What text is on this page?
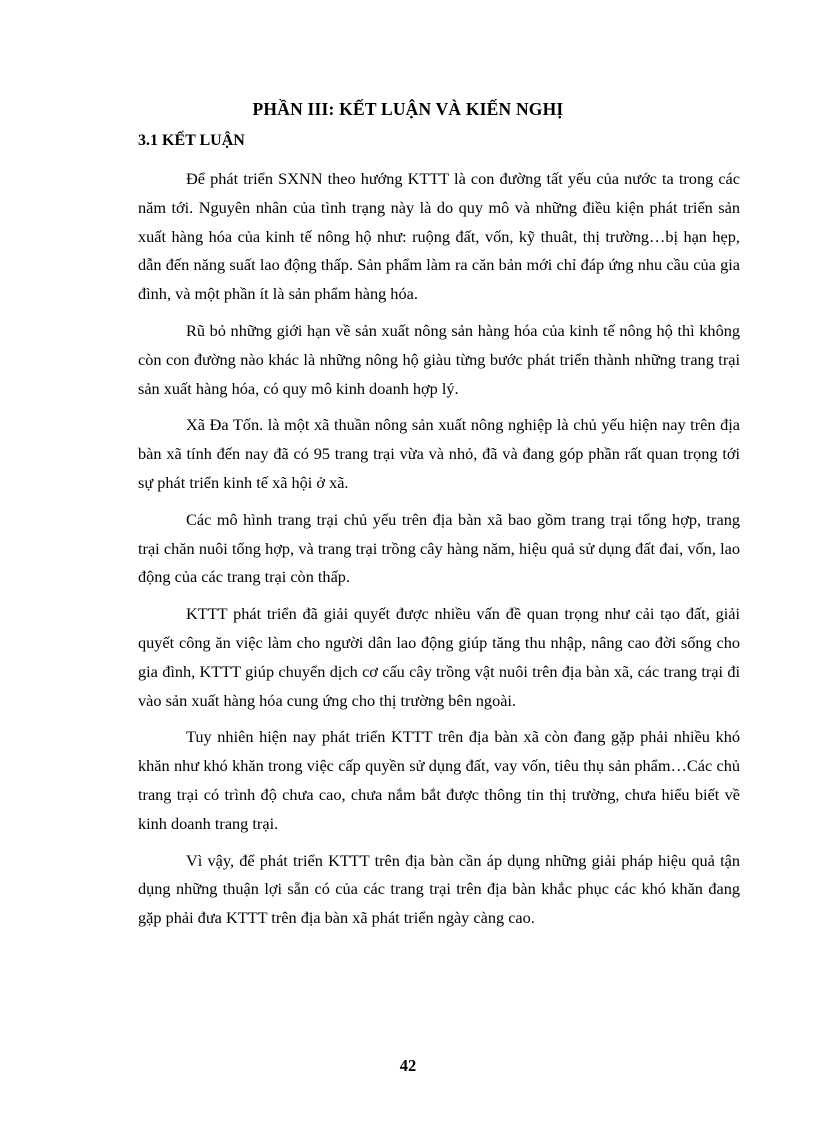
PHẦN III: KẾT LUẬN VÀ KIẾN NGHỊ
3.1 KẾT LUẬN

Để phát triển SXNN theo hướng KTTT là con đường tất yếu của nước ta trong các năm tới. Nguyên nhân của tình trạng này là do quy mô và những điều kiện phát triển sản xuất hàng hóa của kinh tế nông hộ như: ruộng đất, vốn, kỹ thuât, thị trường…bị hạn hẹp, dẫn đến năng suất lao động thấp. Sản phẩm làm ra căn bản mới chỉ đáp ứng nhu cầu của gia đình, và một phần ít là sản phẩm hàng hóa.

Rũ bỏ những giới hạn về sản xuất nông sản hàng hóa của kinh tế nông hộ thì không còn con đường nào khác là những nông hộ giàu từng bước phát triển thành những trang trại sản xuất hàng hóa, có quy mô kinh doanh hợp lý.

Xã Đa Tốn. là một xã thuần nông sản xuất nông nghiệp là chủ yếu hiện nay trên địa bàn xã tính đến nay đã có 95 trang trại vừa và nhỏ, đã và đang góp phần rất quan trọng tới sự phát triển kinh tế xã hội ở xã.

Các mô hình trang trại chủ yếu trên địa bàn xã bao gồm trang trại tổng hợp, trang trại chăn nuôi tổng hợp, và trang trại trồng cây hàng năm, hiệu quả sử dụng đất đai, vốn, lao động của các trang trại còn thấp.

KTTT phát triển đã giải quyết được nhiều vấn đề quan trọng như cải tạo đất, giải quyết công ăn việc làm cho người dân lao động giúp tăng thu nhập, nâng cao đời sống cho gia đình, KTTT giúp chuyển dịch cơ cấu cây trồng vật nuôi trên địa bàn xã, các trang trại đi vào sản xuất hàng hóa cung ứng cho thị trường bên ngoài.

Tuy nhiên hiện nay phát triển KTTT trên địa bàn xã còn đang gặp phải nhiều khó khăn như khó khăn trong việc cấp quyền sử dụng đất, vay vốn, tiêu thụ sản phẩm…Các chủ trang trại có trình độ chưa cao, chưa nắm bắt được thông tin thị trường, chưa hiểu biết về kinh doanh trang trại.

Vì vậy, để phát triển KTTT trên địa bàn cần áp dụng những giải pháp hiệu quả tận dụng những thuận lợi sẵn có của các trang trại trên địa bàn khắc phục các khó khăn đang gặp phải đưa KTTT trên địa bàn xã phát triển ngày càng cao.

42
